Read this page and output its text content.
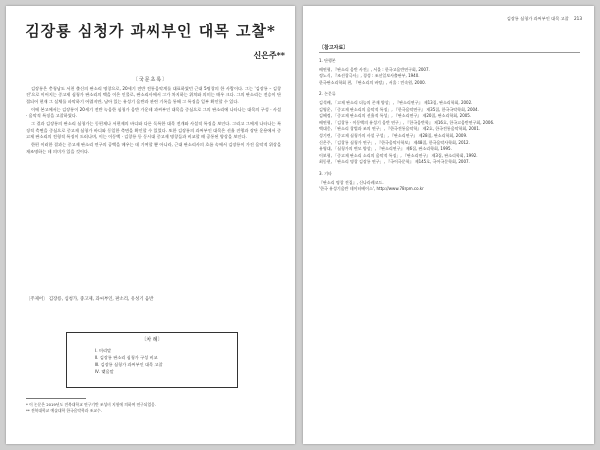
김장룡 심청가 과씨부인 대목 고찰*
신은주**
〔국문초록〕

김장룡은 충청남도 서천 출신의 판소리 명창으로, 20세기 전반 전통음악계를 대표하였던 근대 5명창의 한 사람이다. 그는 '김장룡 – 김창진'으로 이어지는 중고제 심청가 판소리의 맥을 이은 인물로, 판소리사에서 그가 차지하는 위치와 의미는 매우 크다. 그의 판소리는 전승이 단절되어 현재 그 실체를 파악하기 어렵지만, 남아 있는 유성기 음반과 관련 기록을 통해 그 특징을 일부 확인할 수 있다.

이에 본고에서는 김장룡이 20세기 전반 녹음한 심청가 음반 가운데 과씨부인 대목을 중심으로 그의 판소리에 나타나는 대목의 구성 · 사설 · 음악적 특징을 고찰하였다.

그 결과 김장룡의 판소리 심청가는 동편제나 서편제의 바디와 다른 독특한 대목 전개와 사설적 특징을 보인다. 그리고 그에게 나타나는 특징적 측면을 중심으로 중고제 심청가 바디와 동일한 측면을 확인할 수 있었다. 또한 김장룡의 과씨부인 대목은 선율 진행과 장단 운용에서 중고제 판소리의 전형적 특징이 드러나며, 이는 이동백 · 김창룡 등 동시대 중고제 명창들과 비교할 때 공통된 양상을 보인다.

한편 이러한 결과는 중고제 판소리 연구의 공백을 메우는 데 기여할 뿐 아니라, 근대 판소리사의 흐름 속에서 김장룡이 가진 음악적 위상을 재조명하는 데 의미가 있을 것이다.

〔주제어〕 김장룡, 심청가, 중고제, 과씨부인, 판소리, 유성기 음반
〔차 례〕
Ⅰ. 머리말
Ⅱ. 김장룡 판소리 심청가 구성 비교
Ⅲ. 김장룡 심청가 과씨부인 대목 고찰
Ⅳ. 맺음말
* 이 논문은 2019년도 전북대학교 연구기반 조성비 지원에 의하여 연구되었음.
** 전북대학교 예술대학 한국음악학과 조교수.
김장룡 심청가 과씨부인 대목 고찰 213
〔참고자료〕
1. 단행본
배연형, 『판소리 음반 사전』, 서울 : 한국고음반연구회, 2007.
정노식, 『조선창극사』, 경성 : 조선일보사출판부, 1940.
한국판소리학회 편, 『판소리의 바탕』, 서울 : 민속원, 2000.
2. 논문류
김석배, 「고제 판소리 더늠의 존재 양상」, 『판소리연구』 제13집, 판소리학회, 2002.
김영운, 「중고제 판소리의 음악적 특징」, 『한국음악연구』 제35집, 한국국악학회, 2004.
김혜정, 「중고제 판소리의 선율적 특성」, 『판소리연구』 제20집, 판소리학회, 2005.
배연형, 「김창룡 · 이동백의 유성기 음반 연구」, 『한국음반학』 제16호, 한국고음반연구회, 2006.
백대웅, 「판소리 창법과 조의 연구」, 『한국전통음악학』 제2호, 한국전통음악학회, 2001.
성기련, 「중고제 심청가의 사설 구성」, 『판소리연구』 제28집, 판소리학회, 2009.
신은주, 「김창룡 심청가 연구」, 『한국음악사학보』 제48집, 한국음악사학회, 2012.
유영대, 「심청가의 변모 양상」, 『판소리연구』 제6집, 판소리학회, 1995.
이보형, 「중고제 판소리 소리의 음악적 특징」, 『판소리연구』 제3집, 판소리학회, 1992.
최동현, 「판소리 명창 김장룡 연구」, 『국어국문학』 제145호, 국어국문학회, 2007.
3. 기타
『판소리 명창 전집』, 신나라레코드.
'한국 유성기음반 데이터베이스', http://www.78rpm.co.kr
